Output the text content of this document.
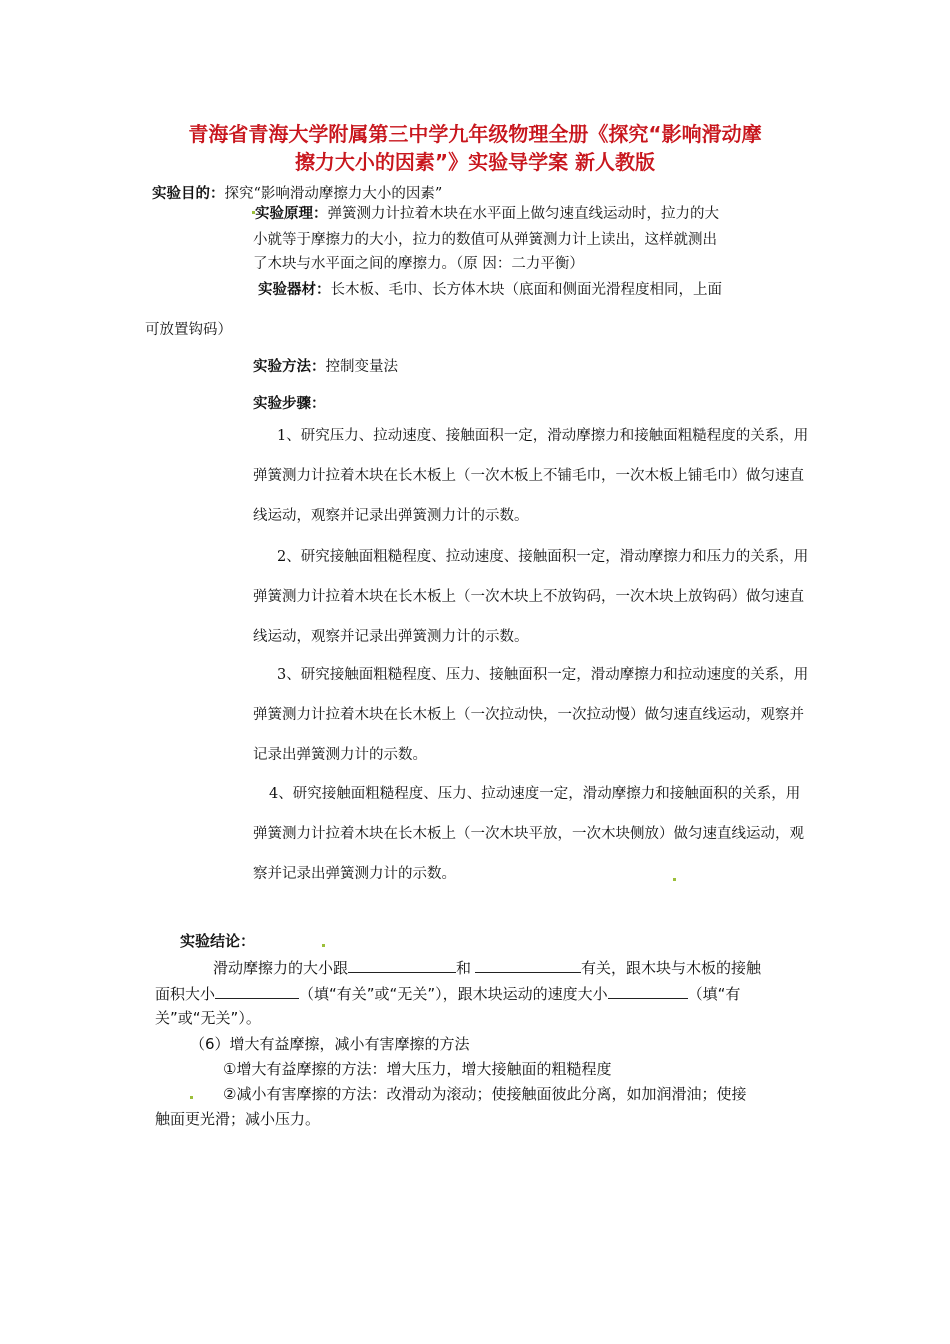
青海省青海大学附属第三中学九年级物理全册《探究“影响滑动摩
擦力大小的因素”》实验导学案 新人教版
实验目的：探究“影响滑动摩擦力大小的因素”
实验原理：弹簧测力计拉着木块在水平面上做匀速直线运动时，拉力的大
小就等于摩擦力的大小，拉力的数值可从弹簧测力计上读出，这样就测出
了木块与水平面之间的摩擦力。（原 因：二力平衡）
实验器材：长木板、毛巾、长方体木块（底面和侧面光滑程度相同，上面
可放置钩码）
实验方法：控制变量法
实验步骤：
1、研究压力、拉动速度、接触面积一定，滑动摩擦力和接触面粗糙程度的关系，用弹簧测力计拉着木块在长木板上（一次木板上不铺毛巾，一次木板上铺毛巾）做匀速直线运动，观察并记录出弹簧测力计的示数。
2、研究接触面粗糙程度、拉动速度、接触面积一定，滑动摩擦力和压力的关系，用弹簧测力计拉着木块在长木板上（一次木块上不放钩码，一次木块上放钩码）做匀速直线运动，观察并记录出弹簧测力计的示数。
3、研究接触面粗糙程度、压力、接触面积一定，滑动摩擦力和拉动速度的关系，用弹簧测力计拉着木块在长木板上（一次拉动快，一次拉动慢）做匀速直线运动，观察并记录出弹簧测力计的示数。
4、研究接触面粗糙程度、压力、拉动速度一定，滑动摩擦力和接触面积的关系，用弹簧测力计拉着木块在长木板上（一次木块平放，一次木块侧放）做匀速直线运动，观察并记录出弹簧测力计的示数。
实验结论：
滑动摩擦力的大小跟	和	有关，跟木块与木板的接触
面积大小	（填“有关”或“无关”），跟木块运动的速度大小	（填“有
关”或“无关”）。
（6）增大有益摩擦，减小有害摩擦的方法
①增大有益摩擦的方法：增大压力，增大接触面的粗糙程度
②减小有害摩擦的方法：改滑动为滚动；使接触面彼此分离，如加润滑油；使接
触面更光滑；减小压力。
